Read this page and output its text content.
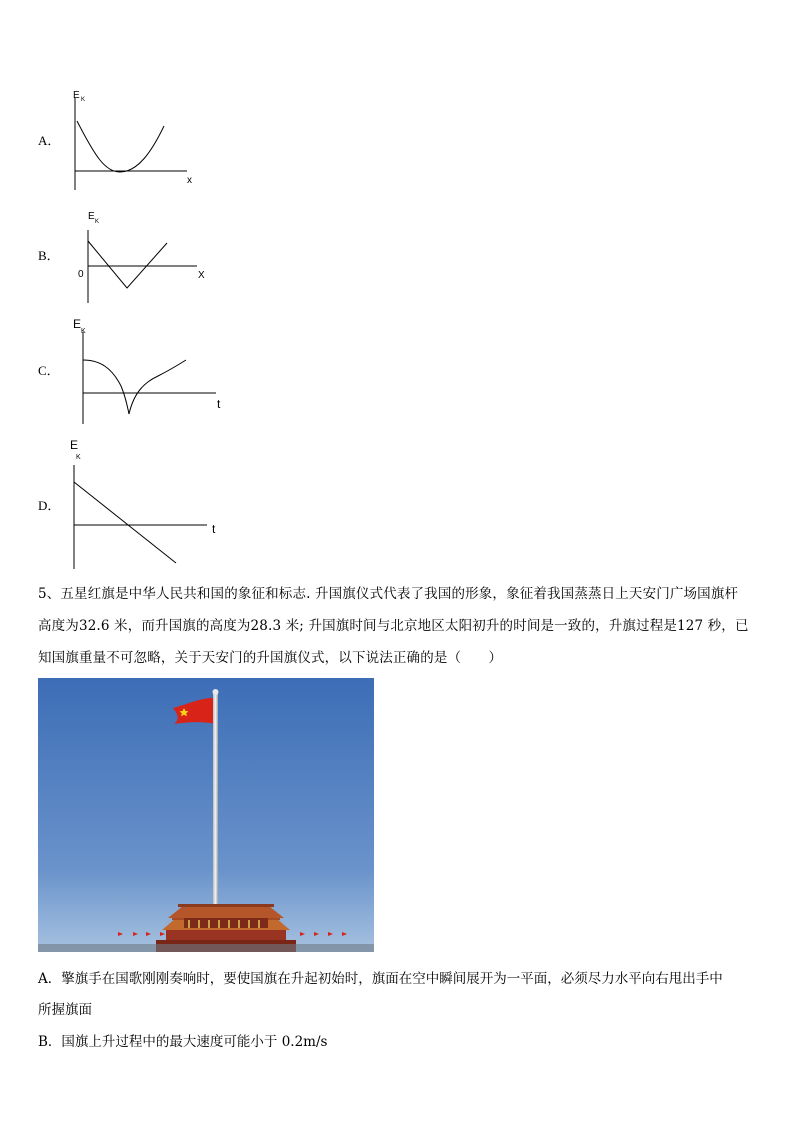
A．
E K
x
B．
E K
0	X
C．
E
K
t
D．
E
K
t
5、五星红旗是中华人民共和国的象征和标志. 升国旗仪式代表了我国的形象，象征着我国蒸蒸日上天安门广场国旗杆
高度为32.6 米，而升国旗的高度为28.3 米; 升国旗时间与北京地区太阳初升的时间是一致的，升旗过程是127 秒，已
知国旗重量不可忽略，关于天安门的升国旗仪式，以下说法正确的是（　　）
A．擎旗手在国歌刚刚奏响时，要使国旗在升起初始时，旗面在空中瞬间展开为一平面，必须尽力水平向右甩出手中
所握旗面
B．国旗上升过程中的最大速度可能小于 0.2m/s
